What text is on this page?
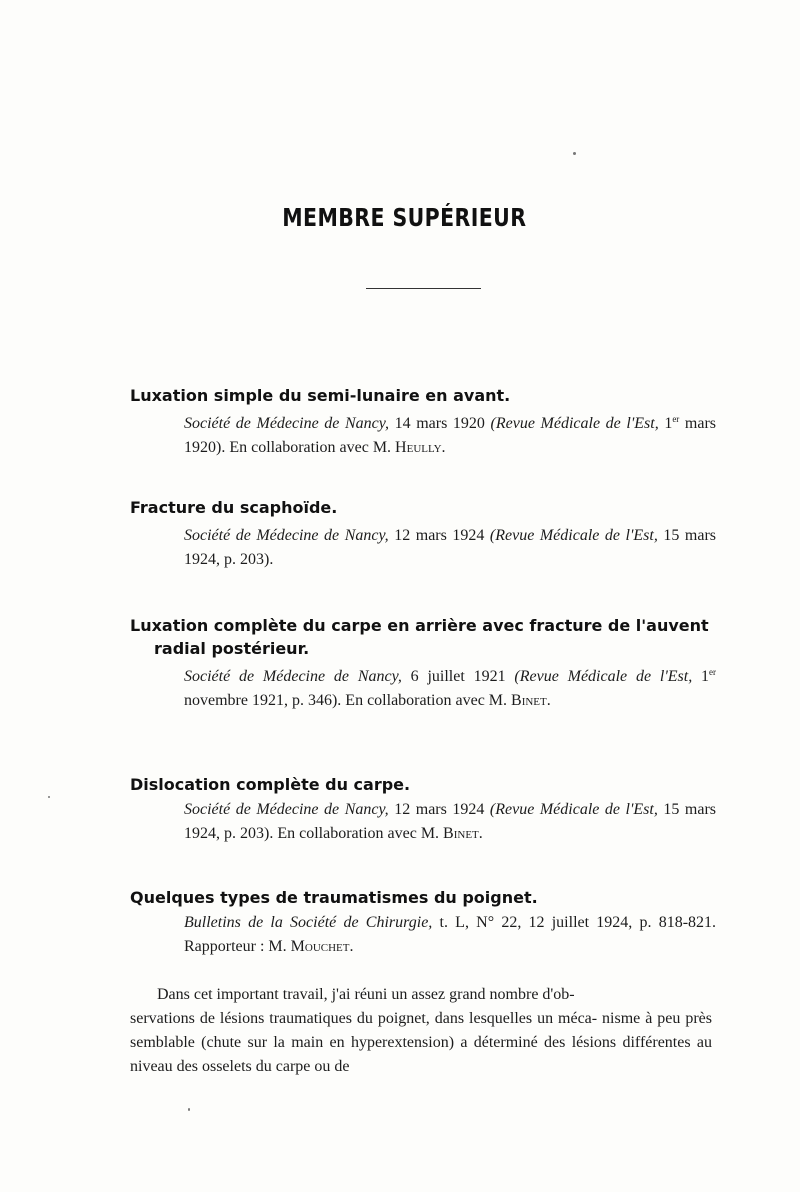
MEMBRE SUPÉRIEUR
Luxation simple du semi-lunaire en avant.
Société de Médecine de Nancy, 14 mars 1920 (Revue Médicale de l'Est, 1er mars 1920). En collaboration avec M. Heully.
Fracture du scaphoïde.
Société de Médecine de Nancy, 12 mars 1924 (Revue Médicale de l'Est, 15 mars 1924, p. 203).
Luxation complète du carpe en arrière avec fracture de l'auvent
radial postérieur.
Société de Médecine de Nancy, 6 juillet 1921 (Revue Médicale de l'Est, 1er novembre 1921, p. 346). En collaboration avec M. Binet.
Dislocation complète du carpe.
Société de Médecine de Nancy, 12 mars 1924 (Revue Médicale de l'Est, 15 mars 1924, p. 203). En collaboration avec M. Binet.
Quelques types de traumatismes du poignet.
Bulletins de la Société de Chirurgie, t. L, N° 22, 12 juillet 1924, p. 818-821. Rapporteur : M. Mouchet.
Dans cet important travail, j'ai réuni un assez grand nombre d'ob-
servations de lésions traumatiques du poignet, dans lesquelles un méca- nisme à peu près semblable (chute sur la main en hyperextension) a déterminé des lésions différentes au niveau des osselets du carpe ou de
